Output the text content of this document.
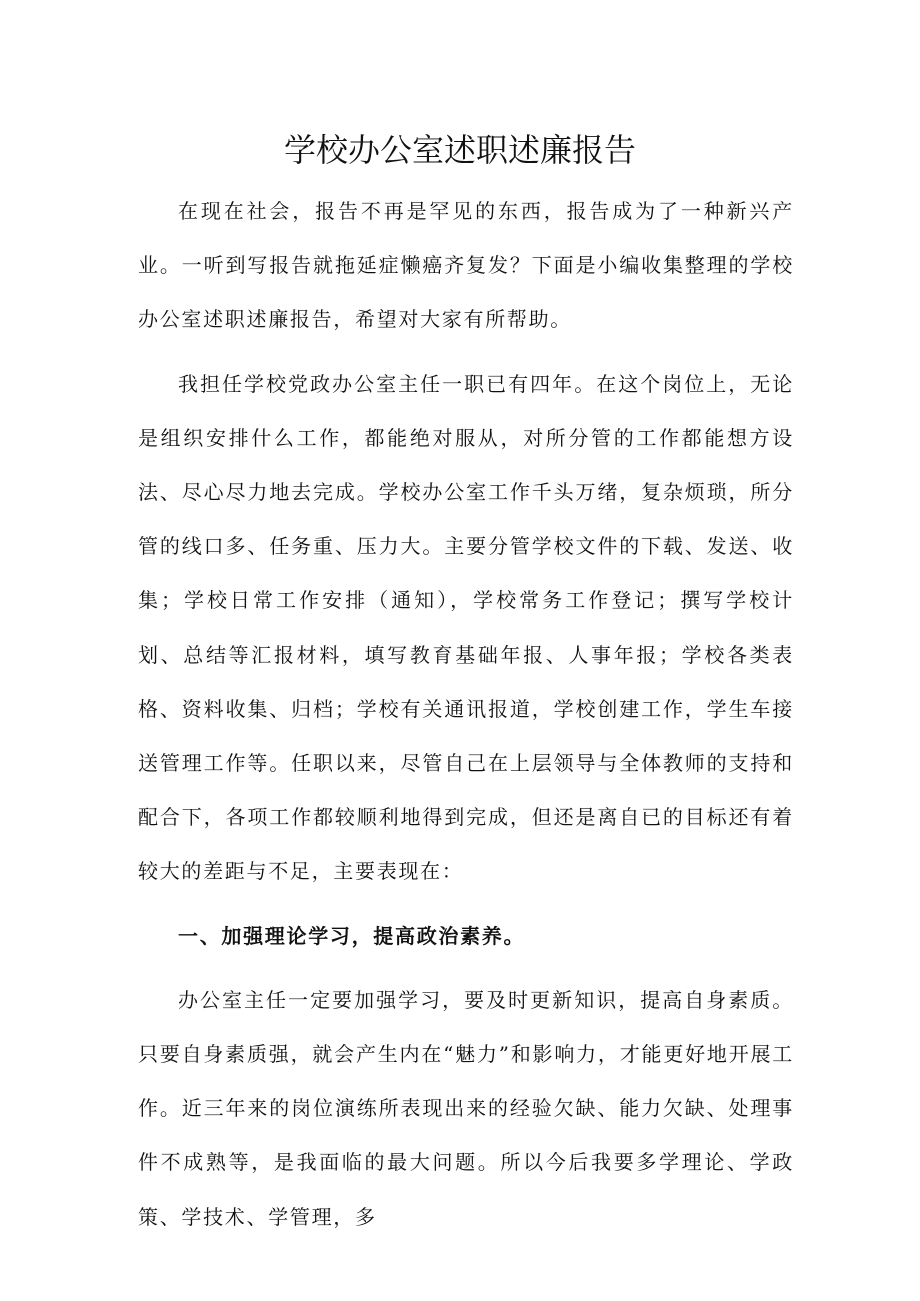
学校办公室述职述廉报告

在现在社会，报告不再是罕见的东西，报告成为了一种新兴产业。一听到写报告就拖延症懒癌齐复发？下面是小编收集整理的学校办公室述职述廉报告，希望对大家有所帮助。

我担任学校党政办公室主任一职已有四年。在这个岗位上，无论是组织安排什么工作，都能绝对服从，对所分管的工作都能想方设法、尽心尽力地去完成。学校办公室工作千头万绪，复杂烦琐，所分管的线口多、任务重、压力大。主要分管学校文件的下载、发送、收集；学校日常工作安排（通知），学校常务工作登记；撰写学校计划、总结等汇报材料，填写教育基础年报、人事年报；学校各类表格、资料收集、归档；学校有关通讯报道，学校创建工作，学生车接送管理工作等。任职以来，尽管自己在上层领导与全体教师的支持和配合下，各项工作都较顺利地得到完成，但还是离自已的目标还有着较大的差距与不足，主要表现在：

一、加强理论学习，提高政治素养。

办公室主任一定要加强学习，要及时更新知识，提高自身素质。只要自身素质强，就会产生内在“魅力”和影响力，才能更好地开展工作。近三年来的岗位演练所表现出来的经验欠缺、能力欠缺、处理事件不成熟等，是我面临的最大问题。所以今后我要多学理论、学政策、学技术、学管理，多
